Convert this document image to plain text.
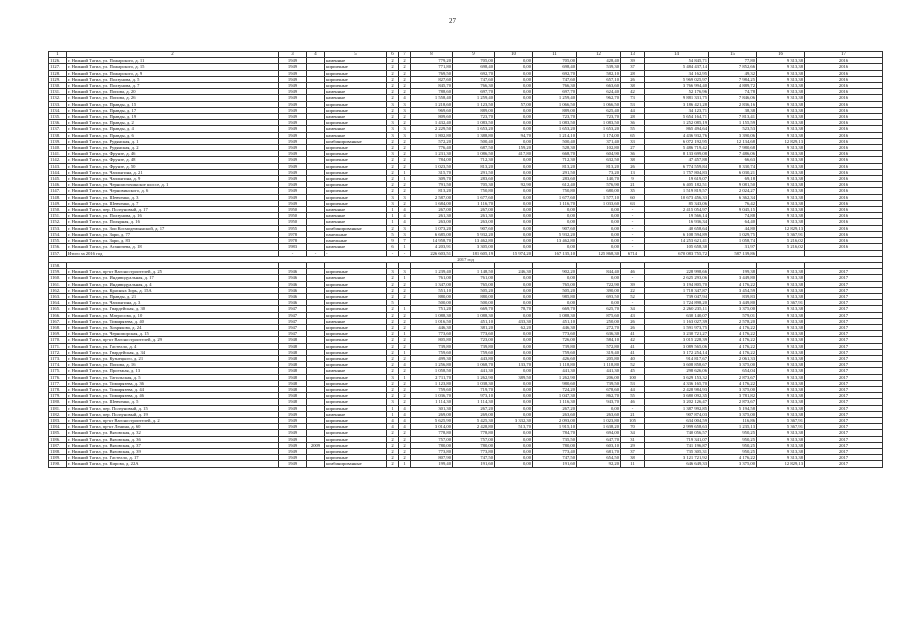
27
1	2	3	4	5	6	7	8	9	10	11	12	13	14	15	16	17
1126.	г. Нижний Тагил, ул. Пожарского, д. 11	1949		каменные	2	2	779,20	705,00	0,00	705,00	428,40	39	54 845,71	77,80	9 313,38	2016
1127.	г. Нижний Тагил, ул. Пожарского, д. 15	1949		кирпичные	2	2	771,80	698,40	0,00	698,40	539,30	37	5 484 437,14	7 852,66	9 313,38	2016
1128.	г. Нижний Тагил, ул. Пожарского, д. 9	1949		кирпичные	2	2	769,50	692,70	0,00	692,70	582,10	28	34 162,95	49,32	9 313,38	2016
1129.	г. Нижний Тагил, ул. Ползунова, д. 5	1949		кирпичные	2	2	827,60	747,60	0,00	747,60	657,10	26	5 969 025,97	7 984,25	9 313,38	2016
1130.	г. Нижний Тагил, ул. Ползунова, д. 7	1949		кирпичные	2	2	845,70	766,30	0,00	766,30	663,60	38	3 766 994,40	4 889,72	9 313,38	2016
1131.	г. Нижний Тагил, ул. Попова, д. 20	1949		каменные	2	2	788,60	697,70	0,00	697,70	624,40	42	52 176,96	74,78	9 313,38	2016
1132.	г. Нижний Тагил, ул. Попова, д. 26	1949		каменные	2	4	1 558,40	1 259,40	0,00	1 259,40	962,70	73	9 881 331,75	7 846,06	9 313,38	2016
1133.	г. Нижний Тагил, ул. Правды, д. 15	1949		кирпичные	3	3	1 218,60	1 123,50	57,00	1 066,50	1 066,50	53	3 186 421,28	2 836,16	9 313,38	2016
1134.	г. Нижний Тагил, ул. Правды, д. 17	1949		кирпичные	2	3	969,60	889,00	0,00	889,00	625,40	44	34 123,71	38,38	9 313,38	2016
1135.	г. Нижний Тагил, ул. Правды, д. 19	1949		каменные	2	2	809,60	723,70	0,00	723,70	723,70	28	5 654 164,71	7 813,41	9 313,38	2016
1136.	г. Нижний Тагил, ул. Правды, д. 2	1949		кирпичные	3	2	1 432,40	1 083,50	0,00	1 083,50	1 083,50	36	1 252 085,19	1 155,59	9 313,38	2016
1137.	г. Нижний Тагил, ул. Правды, д. 4	1949		каменные	3	3	2 229,50	1 653,20	0,00	1 653,20	1 653,20	55	865 494,64	523,53	9 313,38	2016
1138.	г. Нижний Тагил, ул. Правды, д. 6	1949		каменные	3	3	1 802,80	1 388,80	94,70	1 214,10	1 174,00	65	4 436 932,76	3 390,06	9 313,38	2016
1139.	г. Нижний Тагил, ул. Рудянская, д. 1	1949		комбинированные	2	2	572,20	500,40	0,00	500,40	371,40	33	6 072 192,95	12 134,68	12 829,13	2016
1140.	г. Нижний Тагил, ул. Рудянская, д. 2	1949		кирпичные	2	2	776,40	687,50	159,20	528,30	102,80	27	5 486 719,42	7 980,68	9 313,38	2016
1141.	г. Нижний Тагил, ул. Фрунзе, д. 46	1949		кирпичные	3	2	1 231,30	1 086,50	417,80	668,70	604,90	36	8 133 699,08	7 486,06	9 313,38	2016
1142.	г. Нижний Тагил, ул. Фрунзе, д. 48	1949		кирпичные	2	2	784,00	712,30	0,00	712,30	632,50	38	47 457,88	66,63	9 313,38	2016
1143.	г. Нижний Тагил, ул. Фрунзе, д. 50	1949		кирпичные	2	2	1 023,50	813,20	0,00	813,20	813,20	26	6 774 559,84	8 330,74	9 313,38	2016
1144.	г. Нижний Тагил, ул. Чаплыгина, д. 21	1949		кирпичные	2	1	315,70	291,50	0,00	291,50	73,20	13	1 757 804,83	6 030,21	9 313,38	2016
1145.	г. Нижний Тагил, ул. Чаплыгина, д. 9	1949		кирпичные	2	1	309,70	283,60	0,00	283,60	140,70	9	19 619,07	69,18	9 313,38	2016
1146.	г. Нижний Тагил, ул. Черноисточинское шоссе, д. 1	1949		кирпичные	2	2	791,50	705,30	92,90	612,40	576,90	21	6 405 182,51	9 081,50	9 313,38	2016
1147.	г. Нижний Тагил, ул. Черновинского, д. 6	1949		кирпичные	2	2	813,20	750,80	0,00	750,80	680,00	35	1 519 819,57	2 024,27	9 313,38	2016
1148.	г. Нижний Тагил, ул. Шевченко, д. 3	1949		кирпичные	3	3	2 587,00	1 677,60	0,00	1 677,60	1 577,10	60	10 673 456,33	6 362,34	9 313,38	2016
1149.	г. Нижний Тагил, ул. Шевченко, д. 7	1949		кирпичные	3	2	1 684,00	1 116,70	0,00	1 116,70	1 033,60	63	85 343,06	76,42	9 313,38	2016
1150.	г. Нижний Тагил, пер. Ползуновый, д. 17	1950		каменные	1	4	267,00	267,00	0,00	0,00	0,00	-	2 415 054,97	9 045,15	9 313,38	2016
1151.	г. Нижний Тагил, ул. Ползунова, д. 16	1950		каменные	1	4	261,30	261,30	0,00	0,00	0,00	-	19 566,14	74,88	9 313,38	2016
1152.	г. Нижний Тагил, ул. Полярная, д. 16	1950		каменные	1	4	263,00	263,00	0,00	0,00	0,00	-	16 936,34	64,40	9 313,38	2016
1153.	г. Нижний Тагил, ул. Зои Космодемьянской, д. 17	1955		комбинированные	2	3	1 073,20	907,60	0,00	907,60	0,00	-	40 658,64	44,80	12 829,13	2016
1154.	г. Нижний Тагил, ул. Зари, д. 77	1978		панельные	5	3	6 685,00	5 932,20	0,00	5 932,20	0,00	-	6 108 594,89	1 029,75	5 367,91	2016
1155.	г. Нижний Тагил, ул. Зари, д. 83	1978		панельные	9	7	14 958,70	13 462,80	0,00	13 462,80	0,00	-	14 253 621,41	1 058,74	5 216,02	2016
1156.	г. Нижний Тагил, ул. Аганичева, д. 18	1983		каменные	6	1	4 203,91	3 305,00	0,00	0,00	0,00	-	105 658,38	31,97	5 216,02	2016
1157.	Итого за 2016 год	-	-	-	-	-	226 603,51	181 605,19	15 974,20	167 135,10	125 868,30	6714	670 083 755,72	587 139,86		
2017 год																
1158.																
1159.	г. Нижний Тагил, пр-кт Вагоностроителей, д. 25	1946		кирпичные	3	3	1 239,40	1 148,50	246,30	902,20	844,40	46	228 998,66	199,38	9 313,38	2017
1160.	г. Нижний Тагил, ул. Индивидуальная, д. 17	1946		каменные	2	1	761,00	761,00	0,00	0,00	0,00	-	2 625 293,06	3 449,80	9 313,38	2017
1161.	г. Нижний Тагил, ул. Индивидуальная, д. 4	1946		кирпичные	2	2	1 347,00	765,00	0,00	765,00	722,90	39	3 194 805,70	4 176,22	9 313,38	2017
1162.	г. Нижний Тагил, ул. Красных Зорь, д. 15А	1946		кирпичные	2	2	551,10	505,20	0,00	505,20	390,00	22	1 718 347,87	3 454,59	9 313,38	2017
1163.	г. Нижний Тагил, ул. Правды, д. 21	1946		кирпичные	2	2	880,00	880,00	0,00	985,80	693,50	52	739 047,94	839,83	9 313,38	2017
1164.	г. Нижний Тагил, ул. Чаплыгина, д. 3	1946		кирпичные	5		500,00	500,00	0,00	0,00	0,00	-	1 724 898,20	3 449,80	5 367,91	2017
1165.	г. Нижний Тагил, ул. Гвардейская, д. 30	1947		кирпичные	2	1	751,20	669,70	78,70	669,70	625,70	34	2 260 235,11	3 375,00	9 313,38	2017
1166.	г. Нижний Тагил, ул. Матросова, д. 10	1947		кирпичные	2	2	1 088,30	1 088,30	0,00	1 088,30	875,60	43	630 140,07	579,01	9 313,38	2017
1167.	г. Нижний Тагил, ул. Тимирязева, д. 40	1947		каменные	2	2	1 016,50	451,10	433,30	451,10	250,00	26	1 163 027,39	2 578,20	9 313,38	2017
1168.	г. Нижний Тагил, ул. Хохрякова, д. 24	1947		кирпичные	2	2	446,30	381,20	62,20	446,30	272,70	26	1 591 973,75	4 176,22	9 313,38	2017
1169.	г. Нижний Тагил, ул. Черноморская, д. 15	1947		кирпичные	2	1	773,60	773,60	0,00	773,60	636,30	41	3 230 721,27	4 176,22	9 313,38	2017
1170.	г. Нижний Тагил, пр-кт Вагоностроителей, д. 29	1948		кирпичные	2	2	805,80	723,00	0,00	726,00	584,10	42	3 015 228,39	4 176,22	9 313,38	2017
1171.	г. Нижний Тагил, ул. Гастелло, д. 4	1948		кирпичные	2	2	739,80	739,80	0,00	739,80	572,80	41	3 089 565,06	4 176,22	9 313,38	2017
1172.	г. Нижний Тагил, ул. Гвардейская, д. 34	1948		кирпичные	2	1	759,60	759,60	0,00	759,60	319,40	41	3 172 254,14	4 176,22	9 313,38	2017
1173.	г. Нижний Тагил, ул. Кузнецкого, д. 21	1948		кирпичные	2	2	499,30	443,80	0,00	426,60	205,80	40	914 817,67	2 061,33	9 313,38	2017
1174.	г. Нижний Тагил, ул. Попова, д. 16	1948		кирпичные	2	4	1 256,80	1 068,70	133,70	1 118,80	1 118,80	52	3 608 858,67	3 375,00	9 313,38	2017
1175.	г. Нижний Тагил, ул. Проезжая, д. 13	1948		каменные	2	2	1 058,50	441,30	0,00	441,30	441,30	45	298 626,06	654,04	9 313,38	2017
1176.	г. Нижний Тагил, ул. Тагильская, д. 5	1948		кирпичные	3	1	2 711,70	1 262,90	389,50	1 262,90	206,00	100	3 629 153,32	2 873,67	9 313,38	2017
1177.	г. Нижний Тагил, ул. Тимирязева, д. 36	1948		кирпичные	2	2	1 123,80	1 038,30	0,00	980,60	739,50	53	4 336 165,70	4 176,22	9 313,38	2017
1178.	г. Нижний Тагил, ул. Тимирязева, д. 44	1948		кирпичные	2	2	759,60	719,70	0,00	724,20	678,60	44	2 428 984,93	3 375,00	9 313,38	2017
1179.	г. Нижний Тагил, ул. Тимирязева, д. 46	1948		кирпичные	2	2	1 036,70	973,10	0,00	1 047,30	862,70	55	3 680 092,35	3 781,82	9 313,38	2017
1180.	г. Нижний Тагил, ул. Шевченко, д. 5	1948		кирпичные	3	2	1 114,30	1 114,30	0,00	1 116,30	943,70	46	3 202 126,47	2 873,67	9 313,38	2017
1181.	г. Нижний Тагил, пер. Ползуновый, д. 15	1949		кирпичные	1	4	301,30	267,20	0,00	267,20	0,00	-	1 387 992,85	5 194,58	9 313,38	2017
1182.	г. Нижний Тагил, пер. Ползуновый, д. 19	1949		каменные	1	4	269,00	269,00	0,00	263,60	263,60	21	907 874,03	3 375,00	9 313,38	2017
1183.	г. Нижний Тагил, пр-кт Вагоностроителей, д. 2	1949		кирпичные	4	4	5 625,90	5 425,30	3 332,30	2 093,00	1 023,80	105	634 004,59	116,86	5 367,91	2017
1184.	г. Нижний Тагил, пр-кт Ленина, д. 60	1949		кирпичные	4	4	3 014,00	2 428,80	513,70	1 915,10	1 638,20	70	2 999 658,63	1 235,13	5 367,91	2017
1185.	г. Нижний Тагил, ул. Вязовская, д. 32	1949		кирпичные	2	2	778,80	778,80	0,00	784,70	694,00	34	740 056,57	950,25	9 313,38	2017
1186.	г. Нижний Тагил, ул. Вязовская, д. 36	1949		кирпичные	2	2	757,00	757,00	0,00	735,50	647,70	31	719 341,07	950,25	9 313,38	2017
1187.	г. Нижний Тагил, ул. Вязовская, д. 37	1949	2009	кирпичные	2	2	780,00	780,00	0,00	780,00	603,10	29	741 196,87	950,25	9 313,38	2017
1188.	г. Нижний Тагил, ул. Вязовская, д. 39	1949		кирпичные	2	2	773,80	773,80	0,00	773,40	681,70	37	735 305,31	950,25	9 313,38	2017
1189.	г. Нижний Тагил, ул. Гастелло, д. 17	1949		кирпичные	2	2	807,90	747,50	0,00	747,50	654,50	38	3 121 721,92	4 176,22	9 313,38	2017
1190.	г. Нижний Тагил, ул. Кирова, д. 22А	1949		комбинированные	2	1	199,40	191,60	0,00	191,60	92,20	11	646 649,33	3 375,00	12 829,13	2017
